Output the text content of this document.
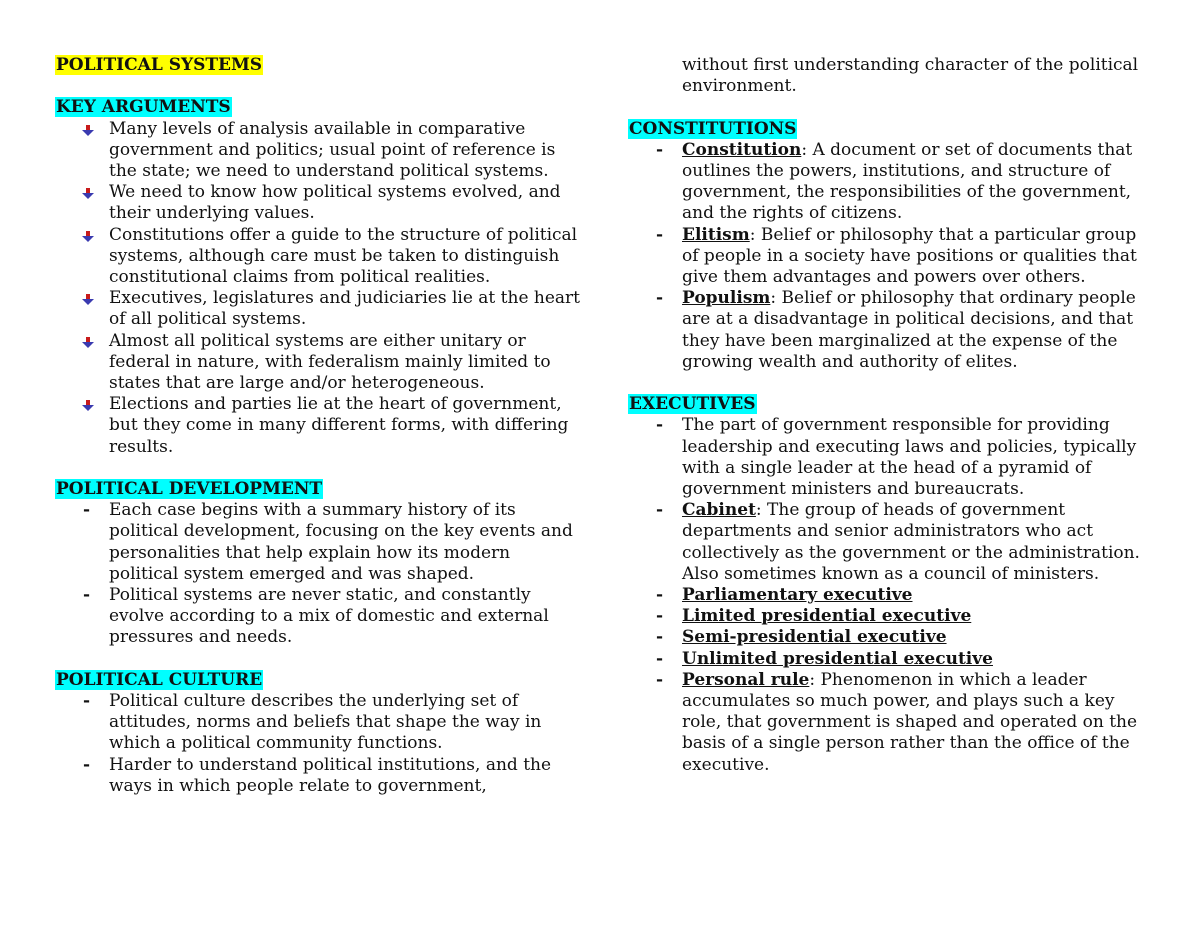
POLITICAL SYSTEMS
KEY ARGUMENTS
Many levels of analysis available in comparative government and politics; usual point of reference is the state; we need to understand political systems.
We need to know how political systems evolved, and their underlying values.
Constitutions offer a guide to the structure of political systems, although care must be taken to distinguish constitutional claims from political realities.
Executives, legislatures and judiciaries lie at the heart of all political systems.
Almost all political systems are either unitary or federal in nature, with federalism mainly limited to states that are large and/or heterogeneous.
Elections and parties lie at the heart of government, but they come in many different forms, with differing results.
POLITICAL DEVELOPMENT
- Each case begins with a summary history of its political development, focusing on the key events and personalities that help explain how its modern political system emerged and was shaped.
- Political systems are never static, and constantly evolve according to a mix of domestic and external pressures and needs.
POLITICAL CULTURE
- Political culture describes the underlying set of attitudes, norms and beliefs that shape the way in which a political community functions.
- Harder to understand political institutions, and the ways in which people relate to government,
without first understanding character of the political environment.
CONSTITUTIONS
- Constitution: A document or set of documents that outlines the powers, institutions, and structure of government, the responsibilities of the government, and the rights of citizens.
- Elitism: Belief or philosophy that a particular group of people in a society have positions or qualities that give them advantages and powers over others.
- Populism: Belief or philosophy that ordinary people are at a disadvantage in political decisions, and that they have been marginalized at the expense of the growing wealth and authority of elites.
EXECUTIVES
- The part of government responsible for providing leadership and executing laws and policies, typically with a single leader at the head of a pyramid of government ministers and bureaucrats.
- Cabinet: The group of heads of government departments and senior administrators who act collectively as the government or the administration. Also sometimes known as a council of ministers.
- Parliamentary executive
- Limited presidential executive
- Semi-presidential executive
- Unlimited presidential executive
- Personal rule: Phenomenon in which a leader accumulates so much power, and plays such a key role, that government is shaped and operated on the basis of a single person rather than the office of the executive.
